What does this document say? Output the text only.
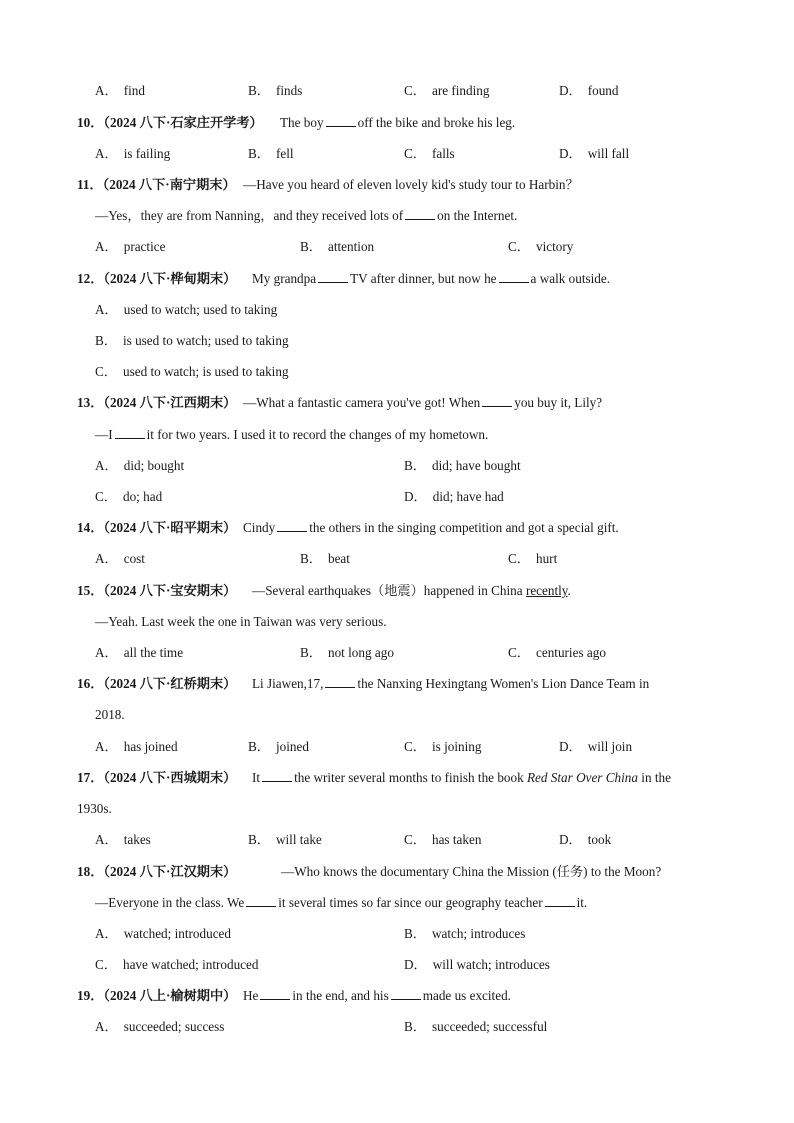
A． find	B． finds	C． are finding	D． found
10．（2024 八下·石家庄开学考） The boy	off the bike and broke his leg.
A． is failing	B． fell	C． falls	D． will fall
11．（2024 八下·南宁期末） —Have you heard of eleven lovely kid's study tour to Harbin？
—Yes，they are from Nanning，and they received lots of	on the Internet.
A． practice	B． attention	C． victory
12．（2024 八下·桦甸期末） My grandpa	TV after dinner, but now he	a walk outside.
A． used to watch; used to taking
B． is used to watch; used to taking
C． used to watch; is used to taking
13．（2024 八下·江西期末） —What a fantastic camera you've got! When	you buy it, Lily?
—I	it for two years. I used it to record the changes of my hometown.
A． did; bought	B． did; have bought
C． do; had	D． did; have had
14．（2024 八下·昭平期末） Cindy	the others in the singing competition and got a special gift.
A． cost	B． beat	C． hurt
15．（2024 八下·宝安期末） —Several earthquakes（地震）happened in China recently.
—Yeah. Last week the one in Taiwan was very serious.
A． all the time	B． not long ago	C． centuries ago
16．（2024 八下·红桥期末） Li Jiawen,17,	the Nanxing Hexingtang Women's Lion Dance Team in
2018.
A． has joined	B． joined	C． is joining	D． will join
17．（2024 八下·西城期末） It	the writer several months to finish the book Red Star Over China in the
1930s.
A． takes	B． will take	C． has taken	D． took
18．（2024 八下·江汉期末）	—Who knows the documentary China the Mission (任务) to the Moon?
—Everyone in the class. We	it several times so far since our geography teacher	it.
A． watched; introduced	B． watch; introduces
C． have watched; introduced	D． will watch; introduces
19．（2024 八上·榆树期中） He	in the end, and his	made us excited.
A． succeeded; success	B． succeeded; successful
